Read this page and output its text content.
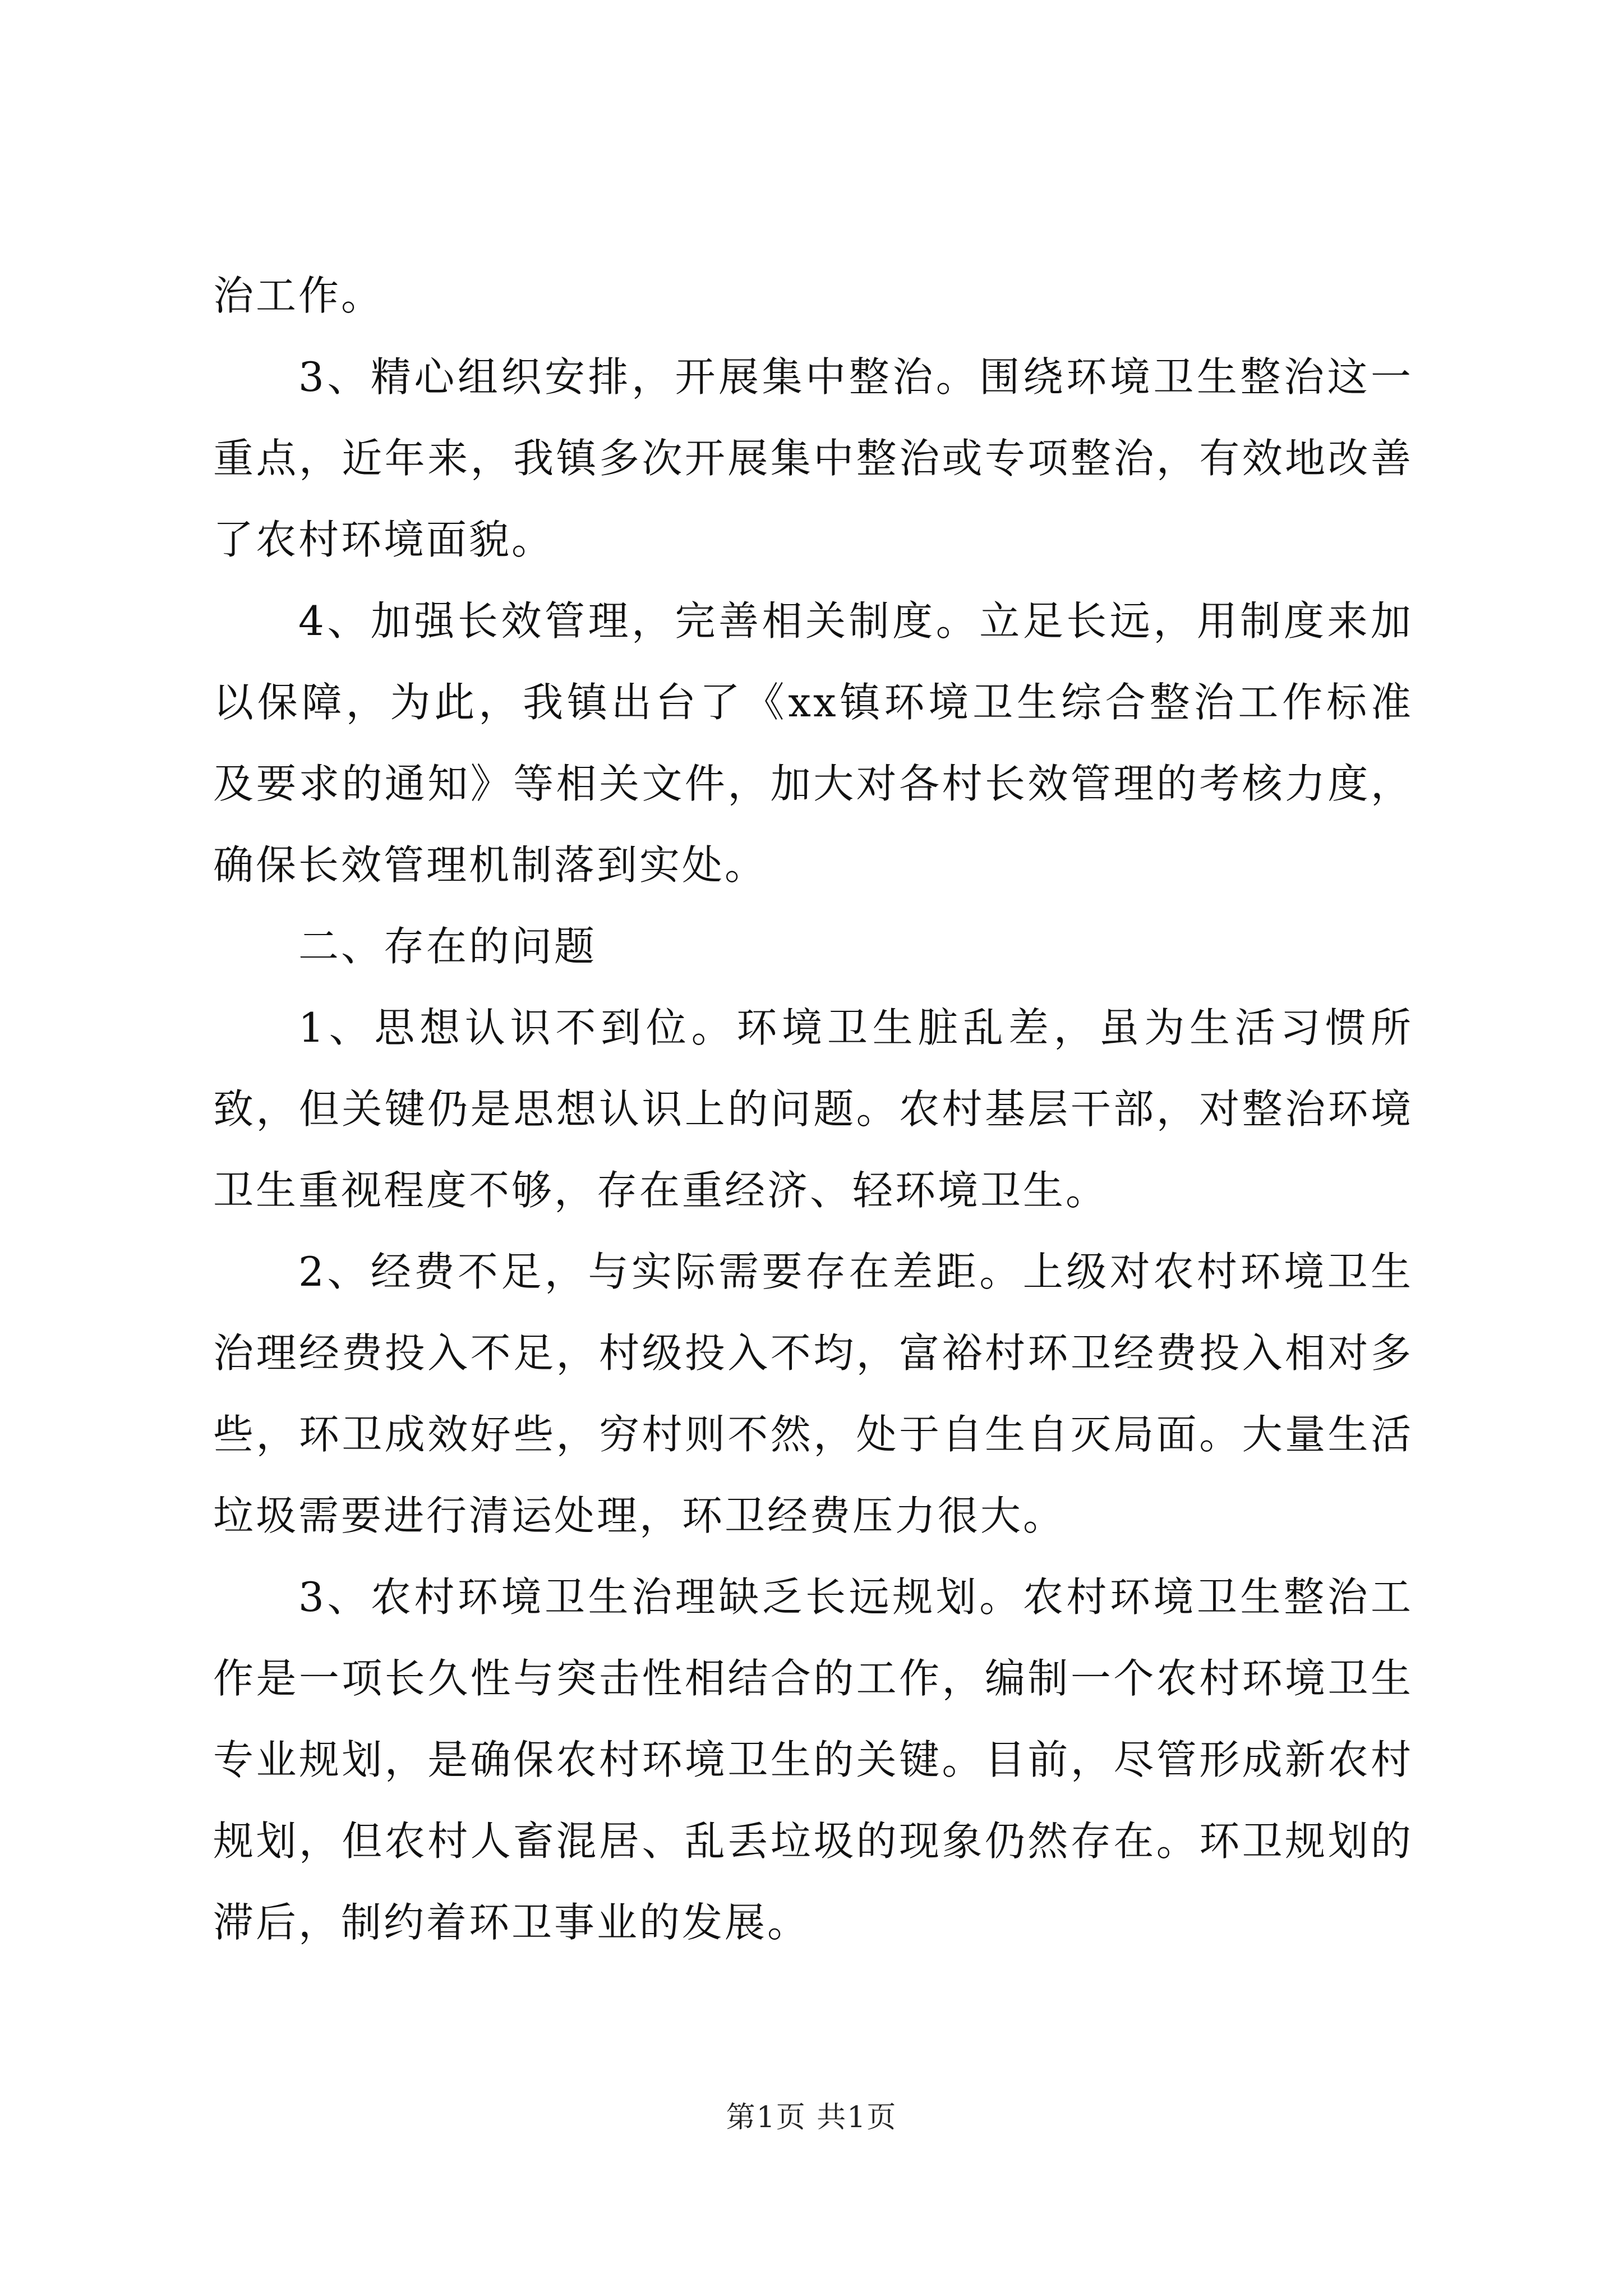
治工作。

3、精心组织安排，开展集中整治。围绕环境卫生整治这一重点，近年来，我镇多次开展集中整治或专项整治，有效地改善了农村环境面貌。

4、加强长效管理，完善相关制度。立足长远，用制度来加以保障，为此，我镇出台了《xx镇环境卫生综合整治工作标准及要求的通知》等相关文件，加大对各村长效管理的考核力度，确保长效管理机制落到实处。

二、存在的问题

1、思想认识不到位。环境卫生脏乱差，虽为生活习惯所致，但关键仍是思想认识上的问题。农村基层干部，对整治环境卫生重视程度不够，存在重经济、轻环境卫生。

2、经费不足，与实际需要存在差距。上级对农村环境卫生治理经费投入不足，村级投入不均，富裕村环卫经费投入相对多些，环卫成效好些，穷村则不然，处于自生自灭局面。大量生活垃圾需要进行清运处理，环卫经费压力很大。

3、农村环境卫生治理缺乏长远规划。农村环境卫生整治工作是一项长久性与突击性相结合的工作，编制一个农村环境卫生专业规划，是确保农村环境卫生的关键。目前，尽管形成新农村规划，但农村人畜混居、乱丢垃圾的现象仍然存在。环卫规划的滞后，制约着环卫事业的发展。

第1页 共1页
